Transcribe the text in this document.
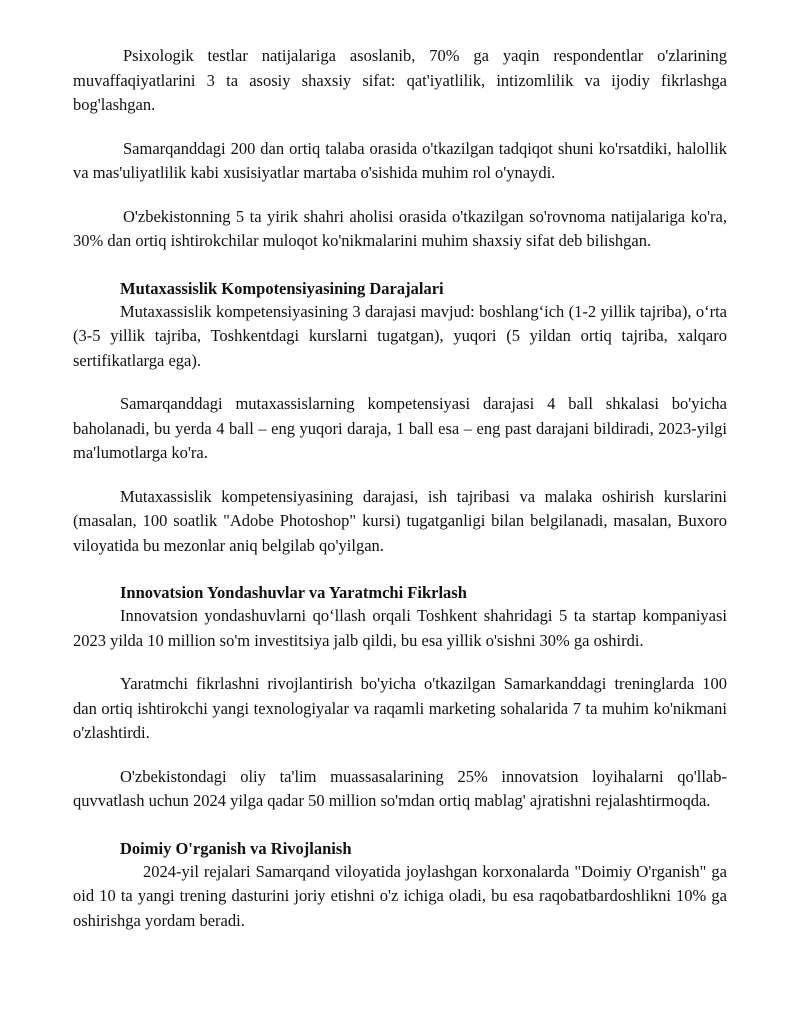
Psixologik testlar natijalariga asoslanib, 70% ga yaqin respondentlar o'zlarining muvaffaqiyatlarini 3 ta asosiy shaxsiy sifat: qat'iyatlilik, intizomlilik va ijodiy fikrlashga bog'lashgan.

Samarqanddagi 200 dan ortiq talaba orasida o'tkazilgan tadqiqot shuni ko'rsatdiki, halollik va mas'uliyatlilik kabi xusisiyatlar martaba o'sishida muhim rol o'ynaydi.

O'zbekistonning 5 ta yirik shahri aholisi orasida o'tkazilgan so'rovnoma natijalariga ko'ra, 30% dan ortiq ishtirokchilar muloqot ko'nikmalarini muhim shaxsiy sifat deb bilishgan.

Mutaxassislik Kompotensiyasining Darajalari

Mutaxassislik kompetensiyasining 3 darajasi mavjud: boshlang‘ich (1-2 yillik tajriba), o‘rta (3-5 yillik tajriba, Toshkentdagi kurslarni tugatgan), yuqori (5 yildan ortiq tajriba, xalqaro sertifikatlarga ega).

Samarqanddagi mutaxassislarning kompetensiyasi darajasi 4 ball shkalasi bo'yicha baholanadi, bu yerda 4 ball – eng yuqori daraja, 1 ball esa – eng past darajani bildiradi, 2023-yilgi ma'lumotlarga ko'ra.

Mutaxassislik kompetensiyasining darajasi, ish tajribasi va malaka oshirish kurslarini (masalan, 100 soatlik "Adobe Photoshop" kursi) tugatganligi bilan belgilanadi, masalan, Buxoro viloyatida bu mezonlar aniq belgilab qo'yilgan.

Innovatsion Yondashuvlar va Yaratmchi Fikrlash

Innovatsion yondashuvlarni qo‘llash orqali Toshkent shahridagi 5 ta startap kompaniyasi 2023 yilda 10 million so'm investitsiya jalb qildi, bu esa yillik o'sishni 30% ga oshirdi.

Yaratmchi fikrlashni rivojlantirish bo'yicha o'tkazilgan Samarkanddagi treninglarda 100 dan ortiq ishtirokchi yangi texnologiyalar va raqamli marketing sohalarida 7 ta muhim ko'nikmani o'zlashtirdi.

O'zbekistondagi oliy ta'lim muassasalarining 25% innovatsion loyihalarni qo'llab-quvvatlash uchun 2024 yilga qadar 50 million so'mdan ortiq mablag' ajratishni rejalashtirmoqda.

Doimiy O'rganish va Rivojlanish

2024-yil rejalari Samarqand viloyatida joylashgan korxonalarda "Doimiy O'rganish" ga oid 10 ta yangi trening dasturini joriy etishni o'z ichiga oladi, bu esa raqobatbardoshlikni 10% ga oshirishga yordam beradi.
